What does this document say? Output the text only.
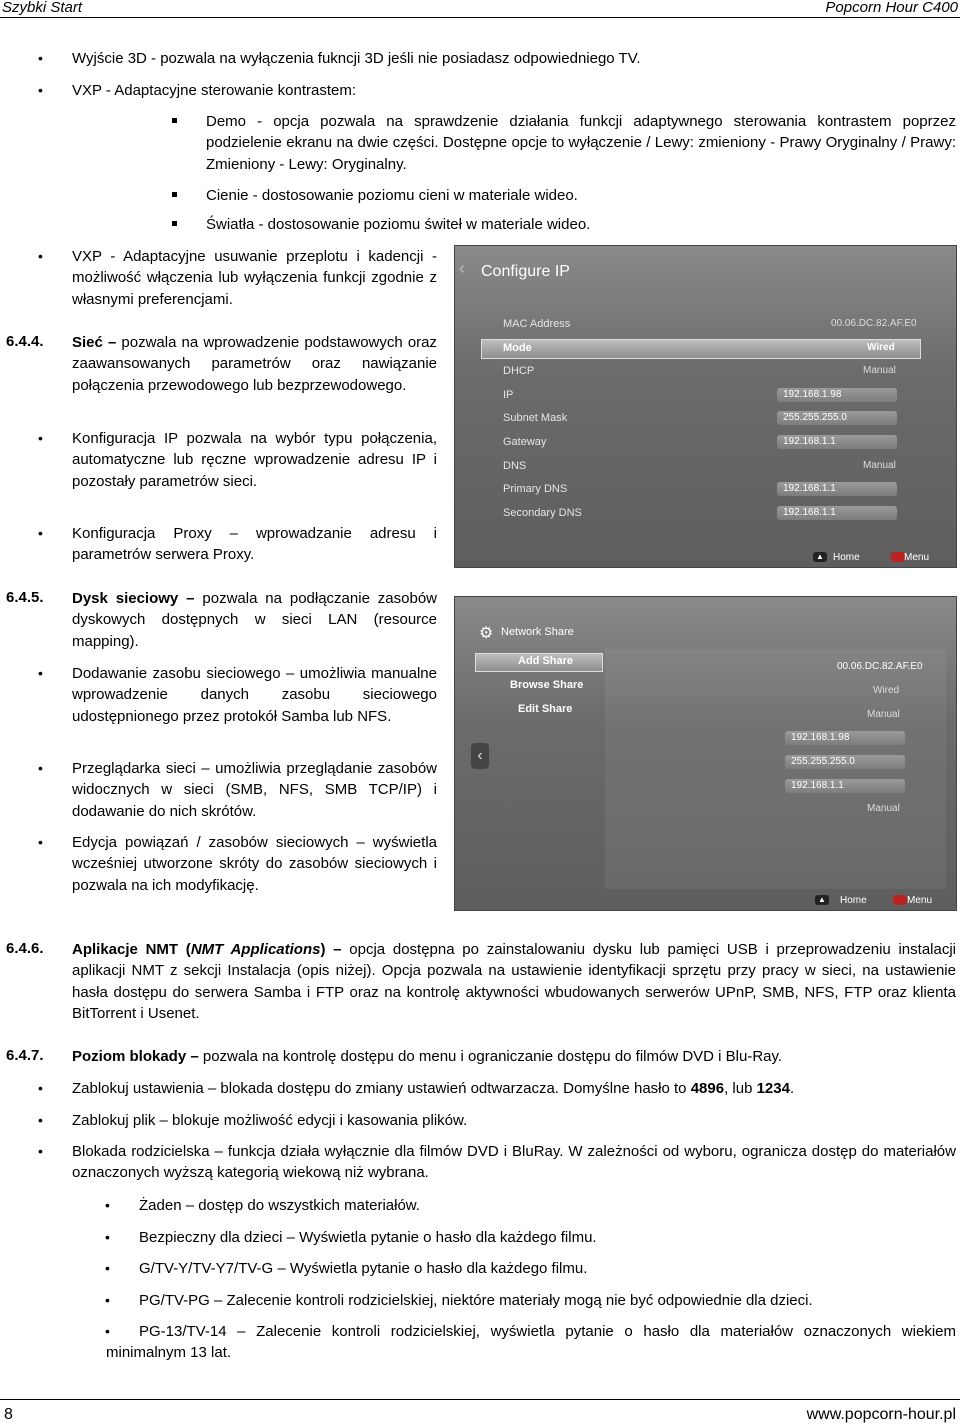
Szybki Start	Popcorn Hour C400
• Wyjście 3D - pozwala na wyłączenia fukncji 3D jeśli nie posiadasz odpowiedniego TV.
• VXP - Adaptacyjne sterowanie kontrastem:
Demo - opcja pozwala na sprawdzenie działania funkcji adaptywnego sterowania kontrastem poprzez podzielenie ekranu na dwie części. Dostępne opcje to wyłączenie / Lewy: zmieniony - Prawy Oryginalny / Prawy: Zmieniony - Lewy: Oryginalny.
Cienie - dostosowanie poziomu cieni w materiale wideo.
Światła - dostosowanie poziomu świteł w materiale wideo.
• VXP - Adaptacyjne usuwanie przeplotu i kadencji - możliwość włączenia lub wyłączenia funkcji zgodnie z własnymi preferencjami.
6.4.4. Sieć – pozwala na wprowadzenie podstawowych oraz zaawansowanych parametrów oraz nawiązanie połączenia przewodowego lub bezprzewodowego.
• Konfiguracja IP pozwala na wybór typu połączenia, automatyczne lub ręczne wprowadzenie adresu IP i pozostały parametrów sieci.
• Konfiguracja Proxy – wprowadzanie adresu i parametrów serwera Proxy.
6.4.5. Dysk sieciowy – pozwala na podłączanie zasobów dyskowych dostępnych w sieci LAN (resource mapping).
• Dodawanie zasobu sieciowego – umożliwia manualne wprowadzenie danych zasobu sieciowego udostępnionego przez protokół Samba lub NFS.
• Przeglądarka sieci – umożliwia przeglądanie zasobów widocznych w sieci (SMB, NFS, SMB TCP/IP) i dodawanie do nich skrótów.
• Edycja powiązań / zasobów sieciowych – wyświetla wcześniej utworzone skróty do zasobów sieciowych i pozwala na ich modyfikację.
‹	Configure IP
MAC Address	00.06.DC.82.AF.E0
Mode	Wired
DHCP	Manual
IP	192.168.1.98
Subnet Mask	255.255.255.0
Gateway	192.168.1.1
DNS	Manual
Primary DNS	192.168.1.1
Secondary DNS	192.168.1.1
▲ Home	Menu
⚙ Network Share
Add Share
Browse Share
Edit Share
‹
00.06.DC.82.AF.E0
Wired
Manual
192.168.1.98
255.255.255.0
192.168.1.1
Manual
▲	Home	Menu
6.4.6. Aplikacje NMT (NMT Applications) – opcja dostępna po zainstalowaniu dysku lub pamięci USB i przeprowadzeniu instalacji aplikacji NMT z sekcji Instalacja (opis niżej). Opcja pozwala na ustawienie identyfikacji sprzętu przy pracy w sieci, na ustawienie hasła dostępu do serwera Samba i FTP oraz na kontrolę aktywności wbudowanych serwerów UPnP, SMB, NFS, FTP oraz klienta BitTorrent i Usenet.
6.4.7. Poziom blokady – pozwala na kontrolę dostępu do menu i ograniczanie dostępu do filmów DVD i Blu-Ray.
• Zablokuj ustawienia – blokada dostępu do zmiany ustawień odtwarzacza. Domyślne hasło to 4896, lub 1234.
• Zablokuj plik – blokuje możliwość edycji i kasowania plików.
• Blokada rodzicielska – funkcja działa wyłącznie dla filmów DVD i BluRay. W zależności od wyboru, ogranicza dostęp do materiałów oznaczonych wyższą kategorią wiekową niż wybrana.
• Żaden – dostęp do wszystkich materiałów.
• Bezpieczny dla dzieci – Wyświetla pytanie o hasło dla każdego filmu.
• G/TV-Y/TV-Y7/TV-G – Wyświetla pytanie o hasło dla każdego filmu.
• PG/TV-PG – Zalecenie kontroli rodzicielskiej, niektóre materiały mogą nie być odpowiednie dla dzieci.
• PG-13/TV-14 – Zalecenie kontroli rodzicielskiej, wyświetla pytanie o hasło dla materiałów oznaczonych wiekiem minimalnym 13 lat.
8	www.popcorn-hour.pl
